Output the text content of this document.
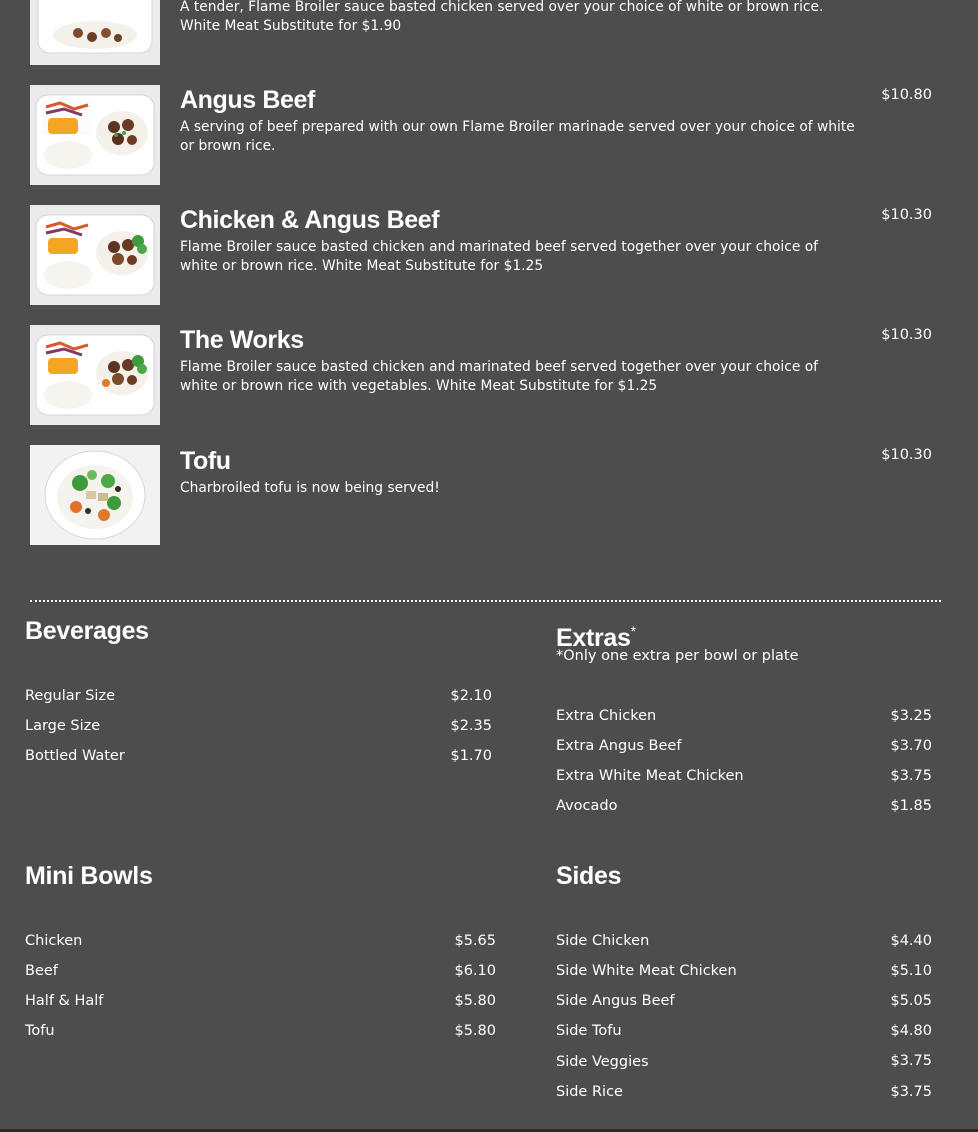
A tender, Flame Broiler sauce basted chicken served over your choice of white or brown rice. White Meat Substitute for $1.90
Angus Beef
A serving of beef prepared with our own Flame Broiler marinade served over your choice of white or brown rice.
$10.80
Chicken & Angus Beef
Flame Broiler sauce basted chicken and marinated beef served together over your choice of white or brown rice. White Meat Substitute for $1.25
$10.30
The Works
Flame Broiler sauce basted chicken and marinated beef served together over your choice of white or brown rice with vegetables. White Meat Substitute for $1.25
$10.30
Tofu
Charbroiled tofu is now being served!
$10.30
Beverages
Regular Size	$2.10
Large Size	$2.35
Bottled Water	$1.70
Extras*
*Only one extra per bowl or plate
Extra Chicken	$3.25
Extra Angus Beef	$3.70
Extra White Meat Chicken	$3.75
Avocado	$1.85
Mini Bowls
Chicken	$5.65
Beef	$6.10
Half & Half	$5.80
Tofu	$5.80
Sides
Side Chicken	$4.40
Side White Meat Chicken	$5.10
Side Angus Beef	$5.05
Side Tofu	$4.80
Side Veggies	$3.75
Side Rice	$3.75
